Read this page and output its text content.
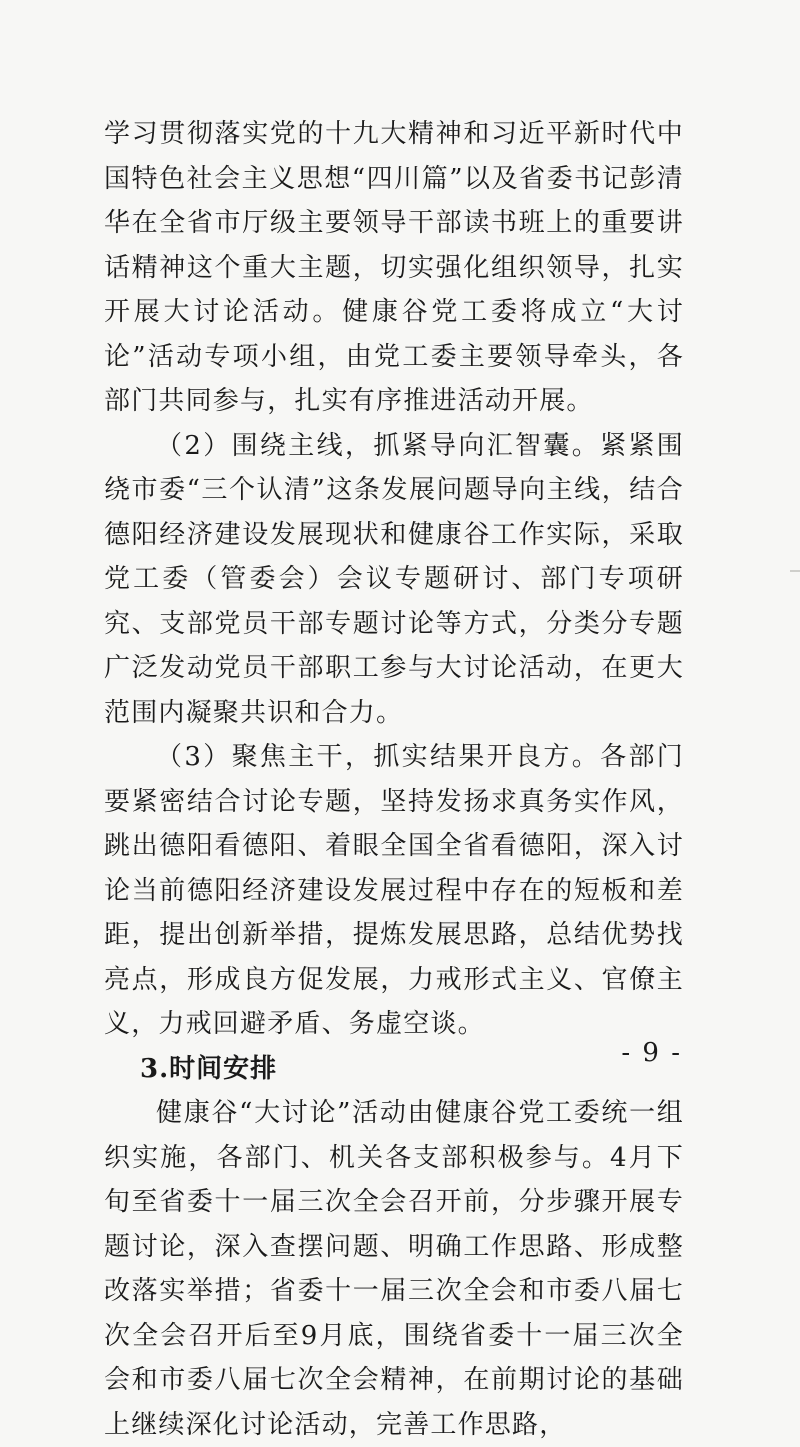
学习贯彻落实党的十九大精神和习近平新时代中国特色社会主义思想“四川篇”以及省委书记彭清华在全省市厅级主要领导干部读书班上的重要讲话精神这个重大主题，切实强化组织领导，扎实开展大讨论活动。健康谷党工委将成立“大讨论”活动专项小组，由党工委主要领导牵头，各部门共同参与，扎实有序推进活动开展。

（2）围绕主线，抓紧导向汇智囊。紧紧围绕市委“三个认清”这条发展问题导向主线，结合德阳经济建设发展现状和健康谷工作实际，采取党工委（管委会）会议专题研讨、部门专项研究、支部党员干部专题讨论等方式，分类分专题广泛发动党员干部职工参与大讨论活动，在更大范围内凝聚共识和合力。

（3）聚焦主干，抓实结果开良方。各部门要紧密结合讨论专题，坚持发扬求真务实作风，跳出德阳看德阳、着眼全国全省看德阳，深入讨论当前德阳经济建设发展过程中存在的短板和差距，提出创新举措，提炼发展思路，总结优势找亮点，形成良方促发展，力戒形式主义、官僚主义，力戒回避矛盾、务虚空谈。

3.时间安排

健康谷“大讨论”活动由健康谷党工委统一组织实施，各部门、机关各支部积极参与。4月下旬至省委十一届三次全会召开前，分步骤开展专题讨论，深入查摆问题、明确工作思路、形成整改落实举措；省委十一届三次全会和市委八届七次全会召开后至9月底，围绕省委十一届三次全会和市委八届七次全会精神，在前期讨论的基础上继续深化讨论活动，完善工作思路，

- 9 -
